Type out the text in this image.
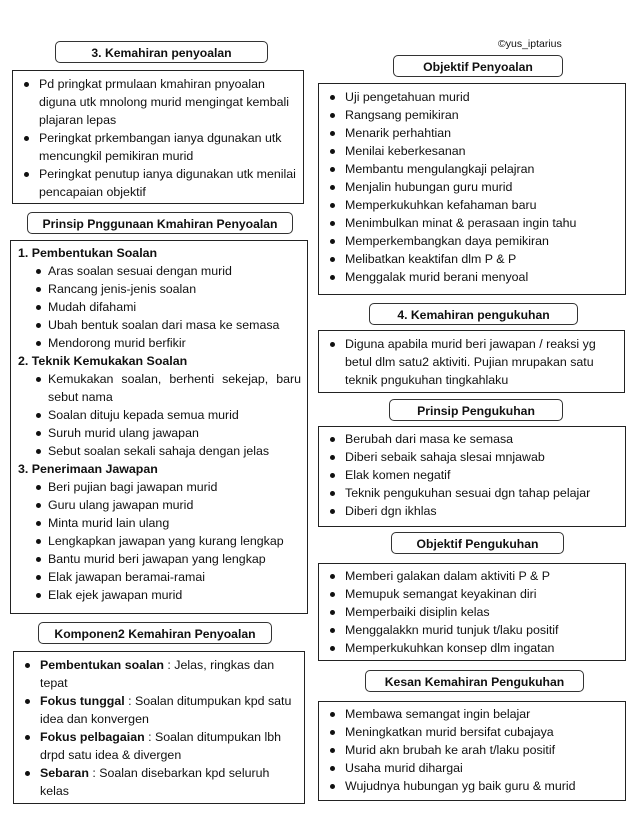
©yus_iptarius
Pd pringkat prmulaan kmahiran pnyoalan diguna utk mnolong murid mengingat kembali plajaran lepas
Peringkat prkembangan ianya dgunakan utk mencungkil pemikiran murid
Peringkat penutup ianya digunakan utk menilai pencapaian objektif
3. Kemahiran penyoalan
1. Pembentukan Soalan
Aras soalan sesuai dengan murid
Rancang jenis-jenis soalan
Mudah difahami
Ubah bentuk soalan dari masa ke semasa
Mendorong murid berfikir
2. Teknik Kemukakan Soalan
Kemukakan soalan, berhenti sekejap, baru sebut nama
Soalan dituju kepada semua murid
Suruh murid ulang jawapan
Sebut soalan sekali sahaja dengan jelas
3. Penerimaan Jawapan
Beri pujian bagi jawapan murid
Guru ulang jawapan murid
Minta murid lain ulang
Lengkapkan jawapan yang kurang lengkap
Bantu murid beri jawapan yang lengkap
Elak jawapan beramai-ramai
Elak ejek jawapan murid
Prinsip Pnggunaan Kmahiran Penyoalan
Pembentukan soalan : Jelas, ringkas dan tepat
Fokus tunggal : Soalan ditumpukan kpd satu idea dan konvergen
Fokus pelbagaian : Soalan ditumpukan lbh drpd satu idea & divergen
Sebaran : Soalan disebarkan kpd seluruh kelas
Komponen2 Kemahiran Penyoalan
Uji pengetahuan murid
Rangsang pemikiran
Menarik perhahtian
Menilai keberkesanan
Membantu mengulangkaji pelajran
Menjalin hubungan guru murid
Memperkukuhkan kefahaman baru
Menimbulkan minat & perasaan ingin tahu
Memperkembangkan daya pemikiran
Melibatkan keaktifan dlm P & P
Menggalak murid berani menyoal
Objektif Penyoalan
Diguna apabila murid beri jawapan / reaksi yg betul dlm satu2 aktiviti. Pujian mrupakan satu teknik pngukuhan tingkahlaku
4. Kemahiran pengukuhan
Berubah dari masa ke semasa
Diberi sebaik sahaja slesai mnjawab
Elak komen negatif
Teknik pengukuhan sesuai dgn tahap pelajar
Diberi dgn ikhlas
Prinsip Pengukuhan
Memberi galakan dalam aktiviti P & P
Memupuk semangat keyakinan diri
Memperbaiki disiplin kelas
Menggalakkn murid tunjuk t/laku positif
Memperkukuhkan konsep dlm ingatan
Objektif Pengukuhan
Membawa semangat ingin belajar
Meningkatkan murid bersifat cubajaya
Murid akn brubah ke arah t/laku positif
Usaha murid dihargai
Wujudnya hubungan yg baik guru & murid
Kesan Kemahiran Pengukuhan
